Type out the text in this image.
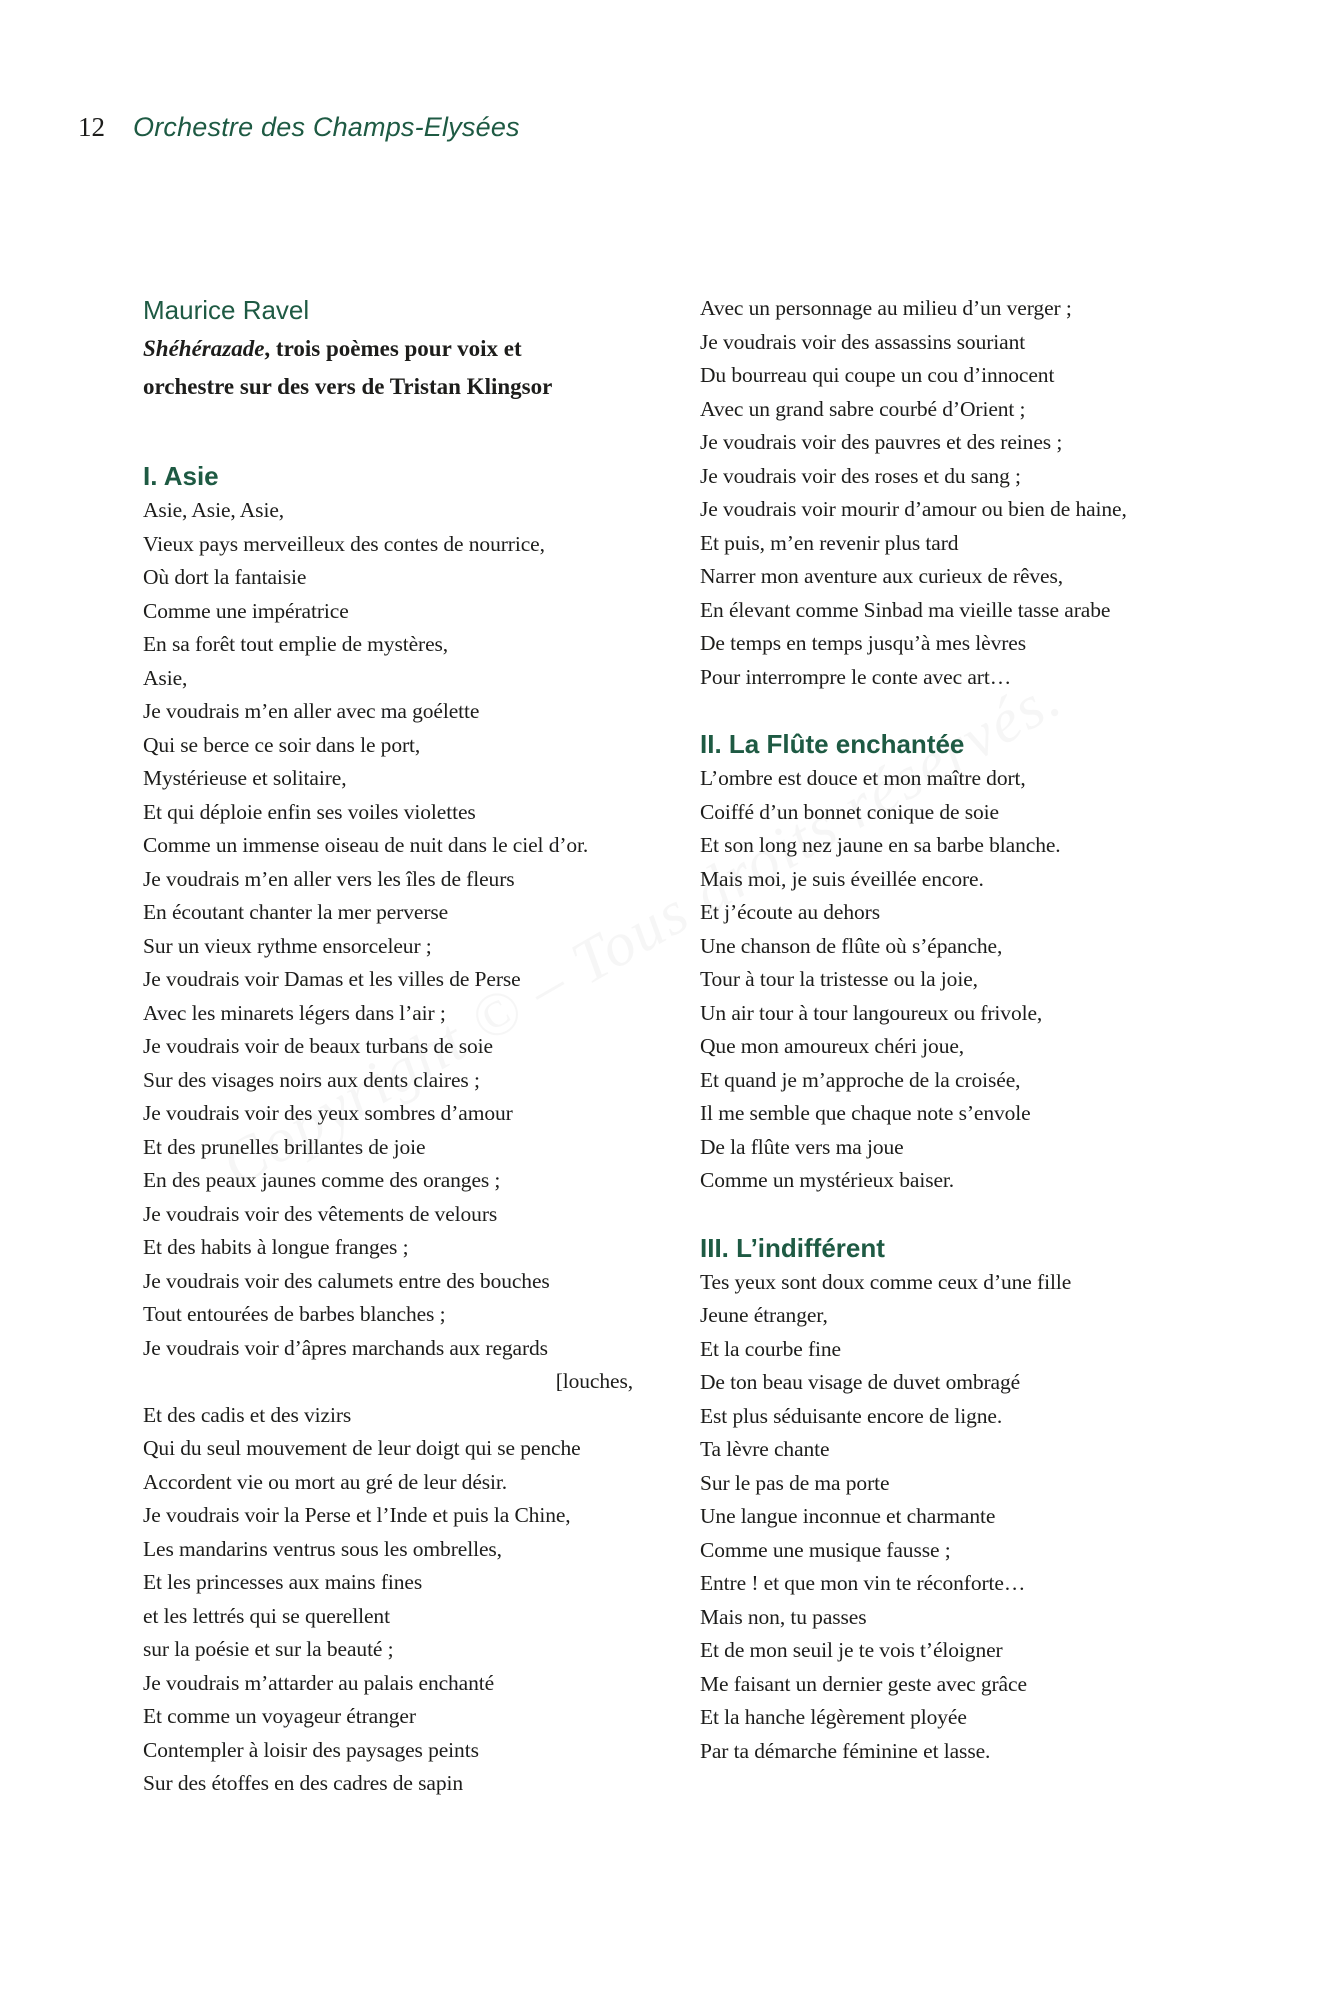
12 Orchestre des Champs-Elysées
Maurice Ravel
Shéhérazade, trois poèmes pour voix et
orchestre sur des vers de Tristan Klingsor
I. Asie
Asie, Asie, Asie,
Vieux pays merveilleux des contes de nourrice,
Où dort la fantaisie
Comme une impératrice
En sa forêt tout emplie de mystères,
Asie,
Je voudrais m’en aller avec ma goélette
Qui se berce ce soir dans le port,
Mystérieuse et solitaire,
Et qui déploie enfin ses voiles violettes
Comme un immense oiseau de nuit dans le ciel d’or.
Je voudrais m’en aller vers les îles de fleurs
En écoutant chanter la mer perverse
Sur un vieux rythme ensorceleur ;
Je voudrais voir Damas et les villes de Perse
Avec les minarets légers dans l’air ;
Je voudrais voir de beaux turbans de soie
Sur des visages noirs aux dents claires ;
Je voudrais voir des yeux sombres d’amour
Et des prunelles brillantes de joie
En des peaux jaunes comme des oranges ;
Je voudrais voir des vêtements de velours
Et des habits à longue franges ;
Je voudrais voir des calumets entre des bouches
Tout entourées de barbes blanches ;
Je voudrais voir d’âpres marchands aux regards
[louches,
Et des cadis et des vizirs
Qui du seul mouvement de leur doigt qui se penche
Accordent vie ou mort au gré de leur désir.
Je voudrais voir la Perse et l’Inde et puis la Chine,
Les mandarins ventrus sous les ombrelles,
Et les princesses aux mains fines
et les lettrés qui se querellent
sur la poésie et sur la beauté ;
Je voudrais m’attarder au palais enchanté
Et comme un voyageur étranger
Contempler à loisir des paysages peints
Sur des étoffes en des cadres de sapin
Avec un personnage au milieu d’un verger ;
Je voudrais voir des assassins souriant
Du bourreau qui coupe un cou d’innocent
Avec un grand sabre courbé d’Orient ;
Je voudrais voir des pauvres et des reines ;
Je voudrais voir des roses et du sang ;
Je voudrais voir mourir d’amour ou bien de haine,
Et puis, m’en revenir plus tard
Narrer mon aventure aux curieux de rêves,
En élevant comme Sinbad ma vieille tasse arabe
De temps en temps jusqu’à mes lèvres
Pour interrompre le conte avec art…
II. La Flûte enchantée
L’ombre est douce et mon maître dort,
Coiffé d’un bonnet conique de soie
Et son long nez jaune en sa barbe blanche.
Mais moi, je suis éveillée encore.
Et j’écoute au dehors
Une chanson de flûte où s’épanche,
Tour à tour la tristesse ou la joie,
Un air tour à tour langoureux ou frivole,
Que mon amoureux chéri joue,
Et quand je m’approche de la croisée,
Il me semble que chaque note s’envole
De la flûte vers ma joue
Comme un mystérieux baiser.
III. L’indifférent
Tes yeux sont doux comme ceux d’une fille
Jeune étranger,
Et la courbe fine
De ton beau visage de duvet ombragé
Est plus séduisante encore de ligne.
Ta lèvre chante
Sur le pas de ma porte
Une langue inconnue et charmante
Comme une musique fausse ;
Entre ! et que mon vin te réconforte…
Mais non, tu passes
Et de mon seuil je te vois t’éloigner
Me faisant un dernier geste avec grâce
Et la hanche légèrement ployée
Par ta démarche féminine et lasse.
